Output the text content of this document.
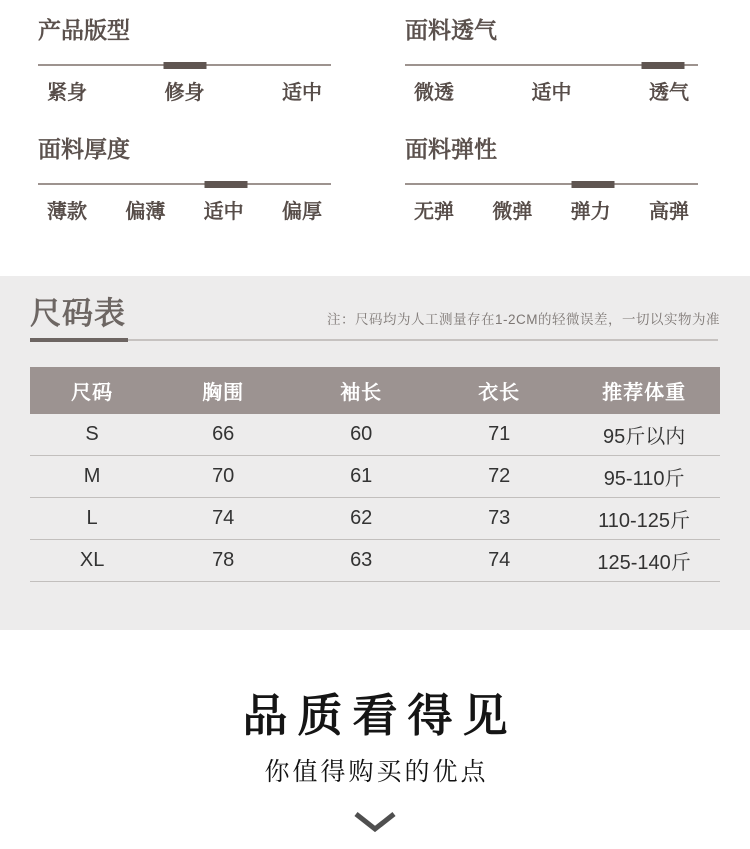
产品版型
紧身	修身	适中
面料透气
微透	适中	透气
面料厚度
薄款 偏薄 适中 偏厚
面料弹性
无弹 微弹 弹力 高弹
尺码表	注：尺码均为人工测量存在1-2CM的轻微误差，一切以实物为准
尺码	胸围	袖长	衣长	推荐体重
S	66	60	71	95斤以内
M	70	61	72	95-110斤
L	74	62	73	110-125斤
XL	78	63	74	125-140斤
品质看得见
你值得购买的优点
